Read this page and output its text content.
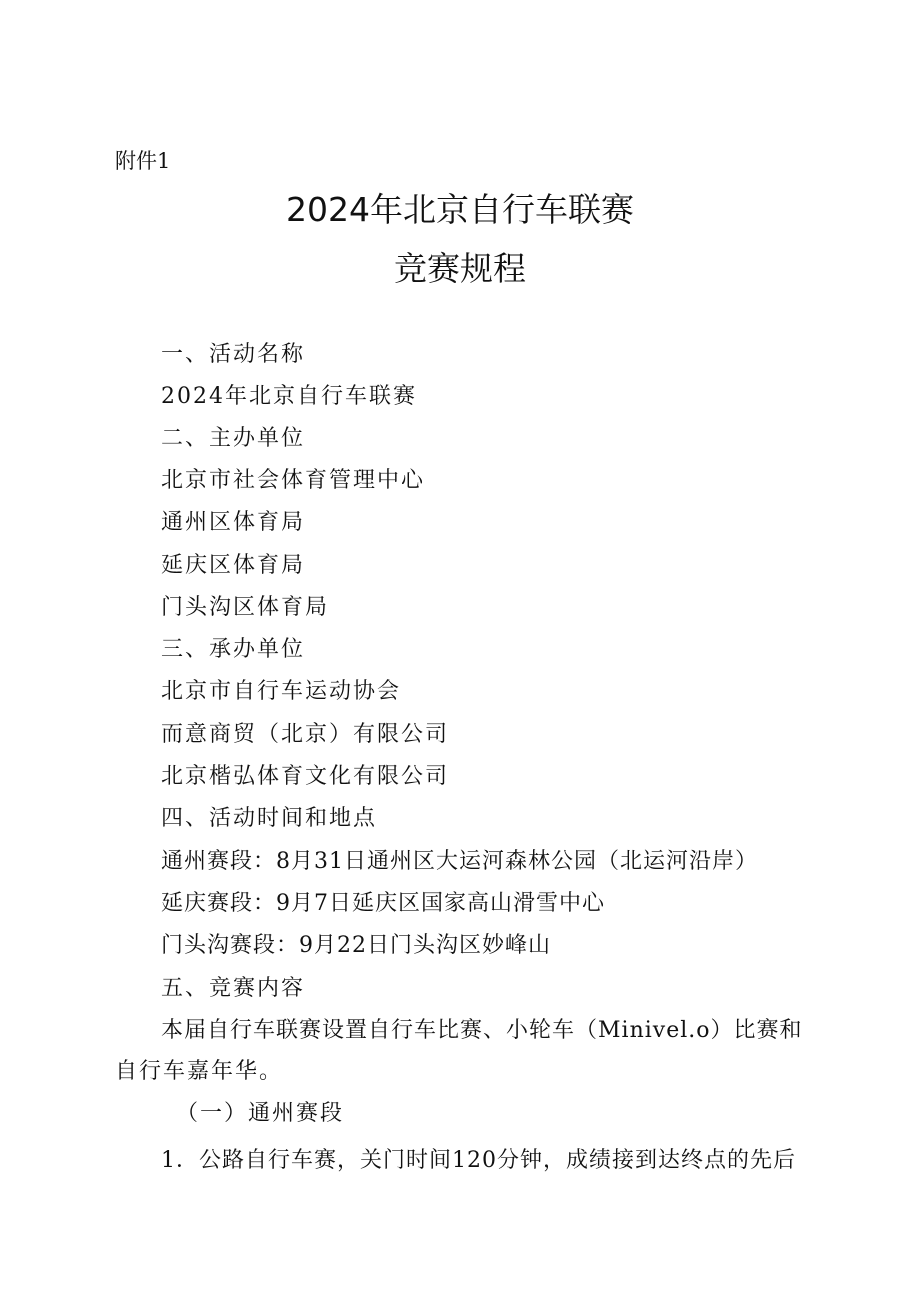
附件1
2024年北京自行车联赛
竞赛规程
一、活动名称
2024年北京自行车联赛
二、主办单位
北京市社会体育管理中心
通州区体育局
延庆区体育局
门头沟区体育局
三、承办单位
北京市自行车运动协会
而意商贸（北京）有限公司
北京楷弘体育文化有限公司
四、活动时间和地点
通州赛段：8月31日通州区大运河森林公园（北运河沿岸）
延庆赛段：9月7日延庆区国家高山滑雪中心
门头沟赛段：9月22日门头沟区妙峰山
五、竞赛内容
本届自行车联赛设置自行车比赛、小轮车（Minivel.o）比赛和
自行车嘉年华。
（一）通州赛段
1．公路自行车赛，关门时间120分钟，成绩接到达终点的先后
